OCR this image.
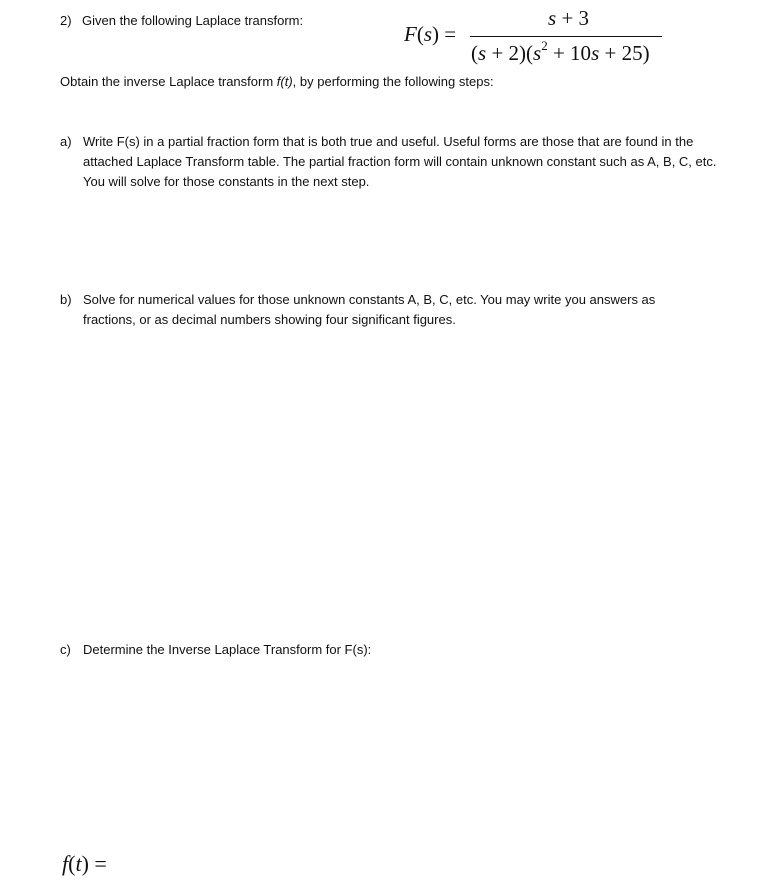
2) Given the following Laplace transform:
F(s) =
s + 3
$(s + 2)(s^2 + 10s + 25)$
Obtain the inverse Laplace transform f(t), by performing the following steps:
a) Write F(s) in a partial fraction form that is both true and useful. Useful forms are those that are found in the attached Laplace Transform table. The partial fraction form will contain unknown constant such as A, B, C, etc. You will solve for those constants in the next step.
b) Solve for numerical values for those unknown constants A, B, C, etc. You may write you answers as fractions, or as decimal numbers showing four significant figures.
c) Determine the Inverse Laplace Transform for F(s):
f(t) =
